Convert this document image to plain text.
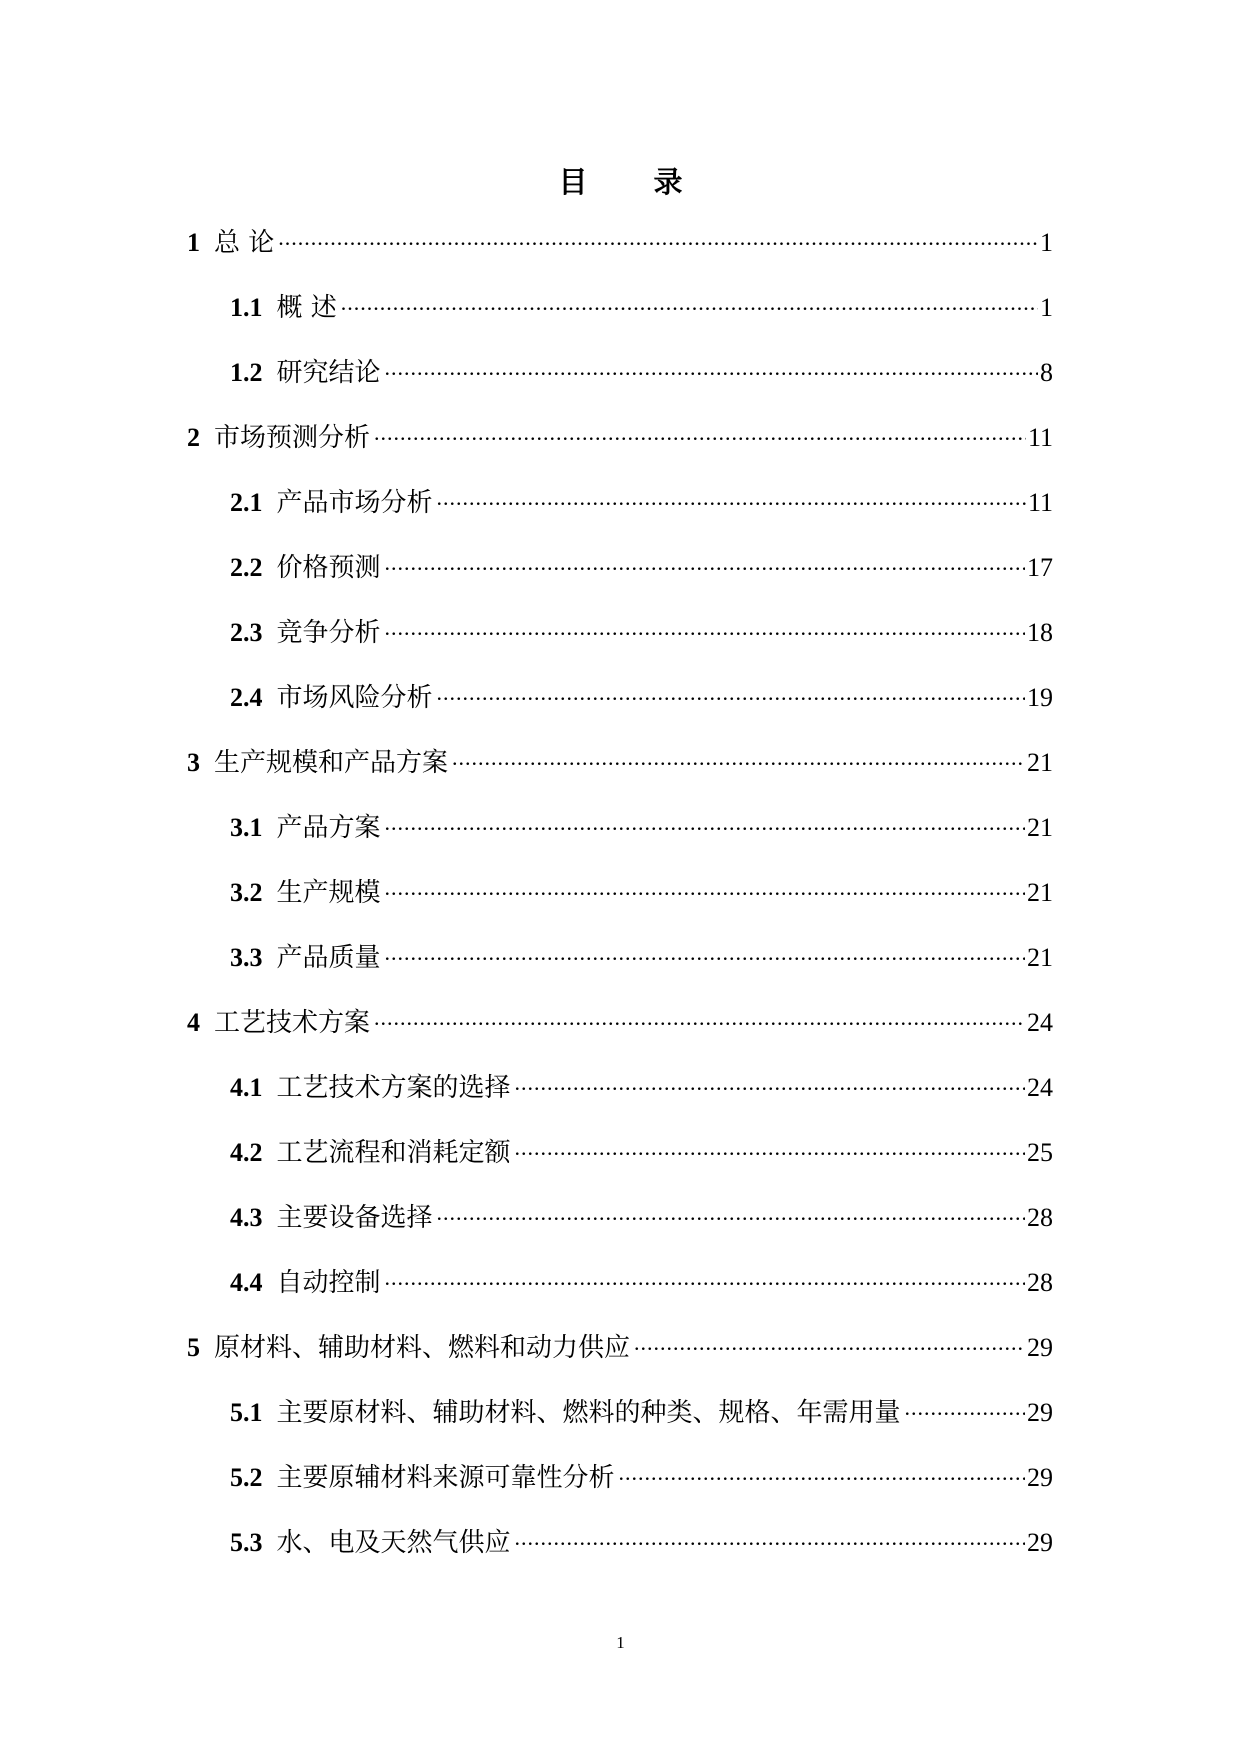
目 录
1 总 论 .....	1
1.1 概 述 .....	1
1.2 研究结论 .....	8
2 市场预测分析 .....	11
2.1 产品市场分析 .....	11
2.2 价格预测 .....	17
2.3 竞争分析 .....	18
2.4 市场风险分析 .....	19
3 生产规模和产品方案 .....	21
3.1 产品方案 .....	21
3.2 生产规模 .....	21
3.3 产品质量 .....	21
4 工艺技术方案 .....	24
4.1 工艺技术方案的选择 .....	24
4.2 工艺流程和消耗定额 .....	25
4.3 主要设备选择 .....	28
4.4 自动控制 .....	28
5 原材料、辅助材料、燃料和动力供应 .....	29
5.1 主要原材料、辅助材料、燃料的种类、规格、年需用量 .....	29
5.2 主要原辅材料来源可靠性分析 .....	29
5.3 水、电及天然气供应 .....	29
1
